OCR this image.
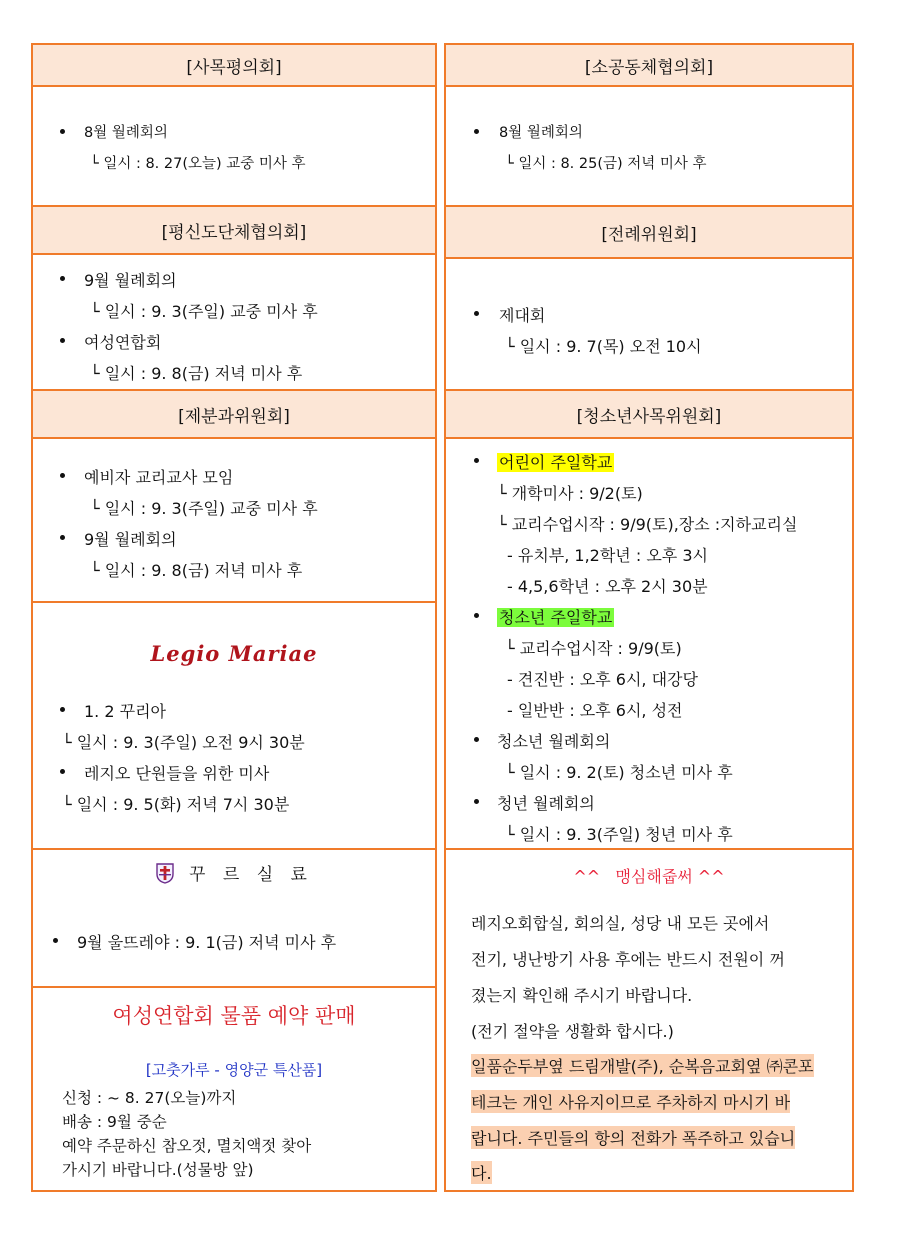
[사목평의회]
8월 월례회의
└ 일시 : 8. 27(오늘) 교중 미사 후
[소공동체협의회]
8월 월례회의
└ 일시 : 8. 25(금) 저녁 미사 후
[평신도단체협의회]
9월 월례회의
└ 일시 : 9. 3(주일) 교중 미사 후
여성연합회
└ 일시 : 9. 8(금) 저녁 미사 후
[전례위원회]
제대회
└ 일시 : 9. 7(목) 오전 10시
[제분과위원회]
예비자 교리교사 모임
└ 일시 : 9. 3(주일) 교중 미사 후
9월 월례회의
└ 일시 : 9. 8(금) 저녁 미사 후
Legio Mariae
1. 2 꾸리아
└ 일시 : 9. 3(주일) 오전 9시 30분
레지오 단원들을 위한 미사
└ 일시 : 9. 5(화) 저녁 7시 30분
[청소년사목위원회]
어린이 주일학교
└ 개학미사 : 9/2(토)
└ 교리수업시작 : 9/9(토),장소 :지하교리실
- 유치부, 1,2학년 : 오후 3시
- 4,5,6학년 : 오후 2시 30분
청소년 주일학교
└ 교리수업시작 : 9/9(토)
- 견진반 : 오후 6시, 대강당
- 일반반 : 오후 6시, 성전
청소년 월례회의
└ 일시 : 9. 2(토) 청소년 미사 후
청년 월례회의
└ 일시 : 9. 3(주일) 청년 미사 후
꾸 르 실 료
9월 울뜨레야 : 9. 1(금) 저녁 미사 후
^^   맹심해줍써 ^^
레지오회합실, 회의실, 성당 내 모든 곳에서
전기, 냉난방기 사용 후에는 반드시 전원이 꺼
졌는지 확인해 주시기 바랍니다.
(전기 절약을 생활화 합시다.)
일품순두부옆 드림개발(주), 순복음교회옆 ㈜콘포
테크는 개인 사유지이므로 주차하지 마시기 바
랍니다. 주민들의 항의 전화가 폭주하고 있습니
다.
여성연합회 물품 예약 판매
[고춧가루 - 영양군 특산품]
신청 : ~ 8. 27(오늘)까지
배송 : 9월 중순
예약 주문하신 참오젓, 멸치액젓 찾아
가시기 바랍니다.(성물방 앞)
